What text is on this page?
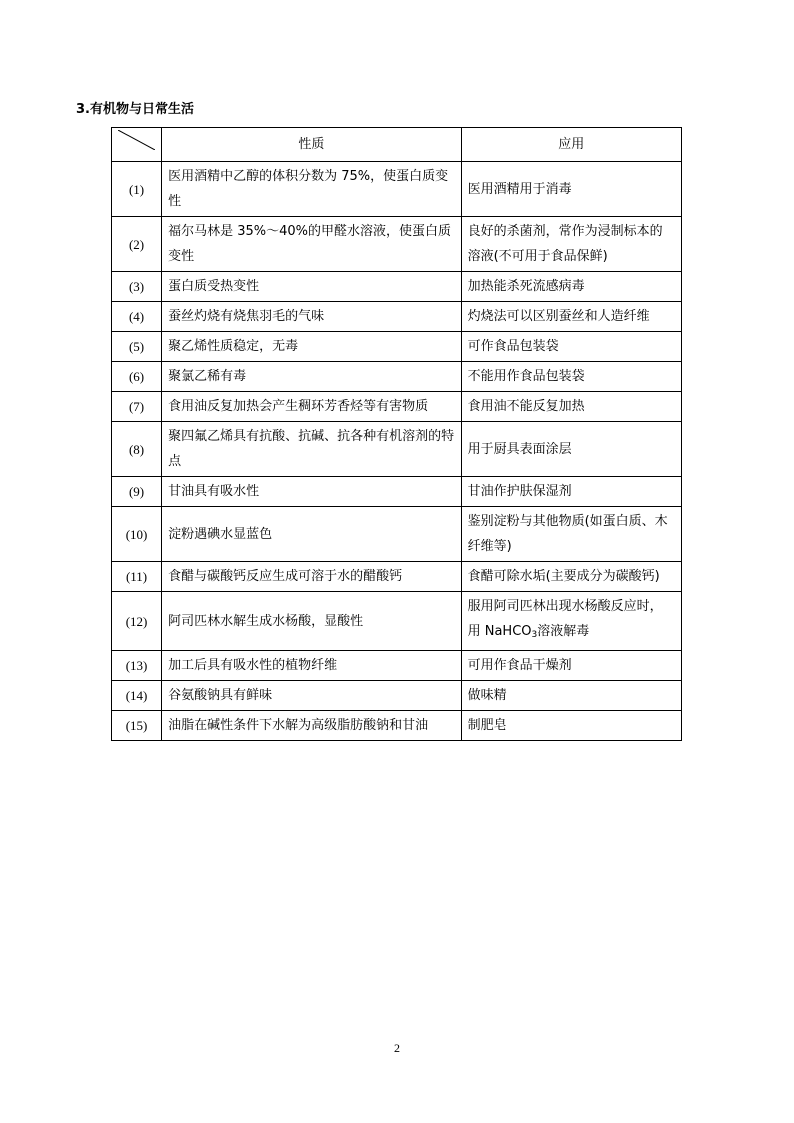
3.有机物与日常生活
	性质	应用
(1)	医用酒精中乙醇的体积分数为 75%，使蛋白质变性	医用酒精用于消毒
(2)	福尔马林是 35%～40%的甲醛水溶液，使蛋白质变性	良好的杀菌剂，常作为浸制标本的溶液(不可用于食品保鲜)
(3)	蛋白质受热变性	加热能杀死流感病毒
(4)	蚕丝灼烧有烧焦羽毛的气味	灼烧法可以区别蚕丝和人造纤维
(5)	聚乙烯性质稳定，无毒	可作食品包装袋
(6)	聚氯乙稀有毒	不能用作食品包装袋
(7)	食用油反复加热会产生稠环芳香烃等有害物质	食用油不能反复加热
(8)	聚四氟乙烯具有抗酸、抗碱、抗各种有机溶剂的特点	用于厨具表面涂层
(9)	甘油具有吸水性	甘油作护肤保湿剂
(10)	淀粉遇碘水显蓝色	鉴别淀粉与其他物质(如蛋白质、木纤维等)
(11)	食醋与碳酸钙反应生成可溶于水的醋酸钙	食醋可除水垢(主要成分为碳酸钙)
(12)	阿司匹林水解生成水杨酸，显酸性	服用阿司匹林出现水杨酸反应时，用 NaHCO$_3$溶液解毒
(13)	加工后具有吸水性的植物纤维	可用作食品干燥剂
(14)	谷氨酸钠具有鲜味	做味精
(15)	油脂在碱性条件下水解为高级脂肪酸钠和甘油	制肥皂
2
